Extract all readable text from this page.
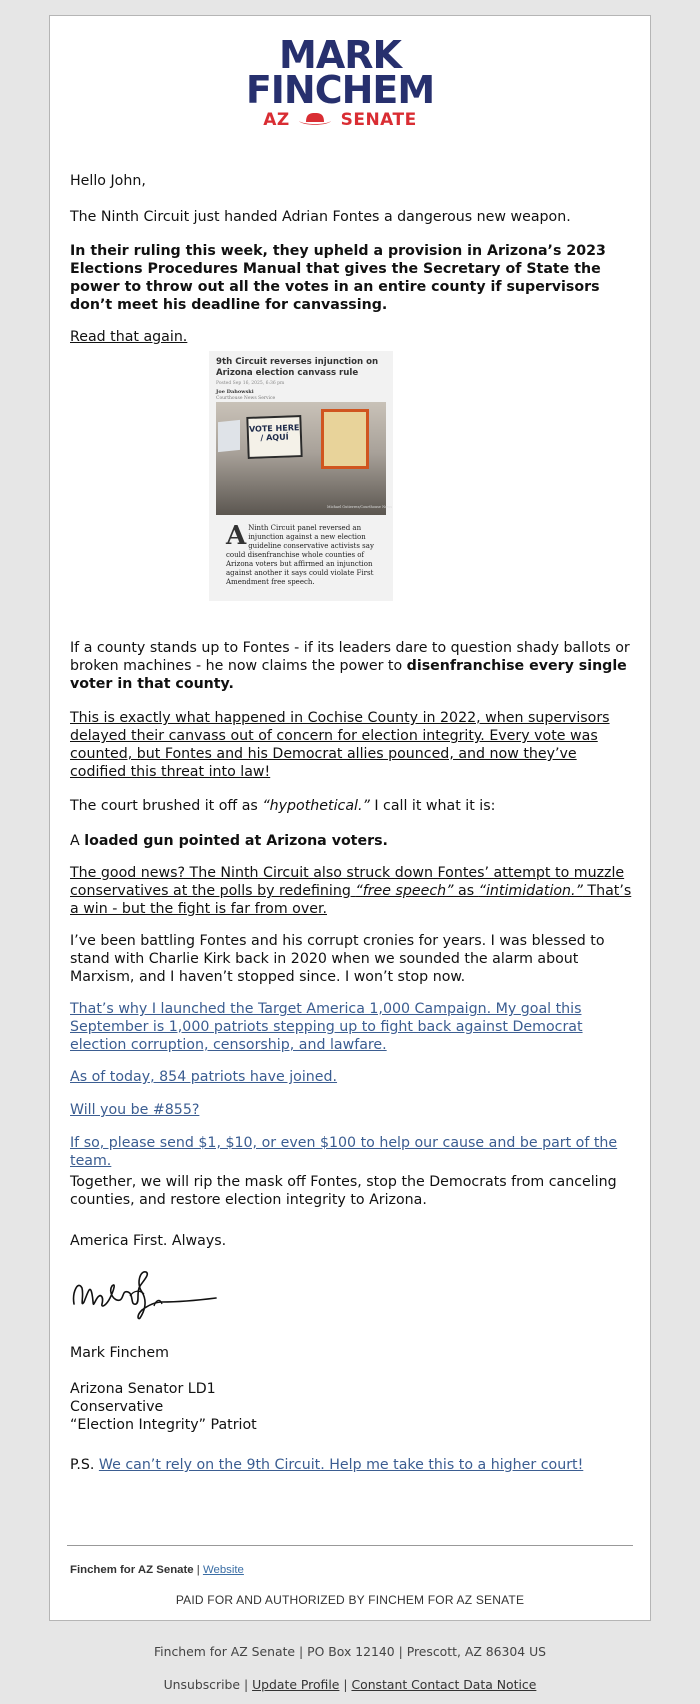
MARK
FINCHEM
AZ	SENATE

Hello John,

The Ninth Circuit just handed Adrian Fontes a dangerous new weapon.

In their ruling this week, they upheld a provision in Arizona’s 2023 Elections Procedures Manual that gives the Secretary of State the power to throw out all the votes in an entire county if supervisors don’t meet his deadline for canvassing.

Read that again.

If a county stands up to Fontes - if its leaders dare to question shady ballots or broken machines - he now claims the power to disenfranchise every single voter in that county.

This is exactly what happened in Cochise County in 2022, when supervisors delayed their canvass out of concern for election integrity. Every vote was counted, but Fontes and his Democrat allies pounced, and now they’ve codified this threat into law!

The court brushed it off as “hypothetical.” I call it what it is:

A loaded gun pointed at Arizona voters.

The good news? The Ninth Circuit also struck down Fontes’ attempt to muzzle conservatives at the polls by redefining “free speech” as “intimidation.” That’s a win - but the fight is far from over.

I’ve been battling Fontes and his corrupt cronies for years. I was blessed to stand with Charlie Kirk back in 2020 when we sounded the alarm about Marxism, and I haven’t stopped since. I won’t stop now.

That’s why I launched the Target America 1,000 Campaign. My goal this September is 1,000 patriots stepping up to fight back against Democrat election corruption, censorship, and lawfare.

As of today, 854 patriots have joined.

Will you be #855?

If so, please send $1, $10, or even $100 to help our cause and be part of the team.

Together, we will rip the mask off Fontes, stop the Democrats from canceling counties, and restore election integrity to Arizona.

America First. Always.

Mark Finchem

Arizona Senator LD1

Conservative

“Election Integrity” Patriot

P.S. We can’t rely on the 9th Circuit. Help me take this to a higher court!

9th Circuit reverses injunction on Arizona election canvass rule
Posted Sep 16, 2025, 6:36 pm
Joe Dahowski
Courthouse News Service
VOTE HERE / AQUÍ
Michael Gutierrez/Courthouse News
A Ninth Circuit panel reversed an injunction against a new election guideline conservative activists say could disenfranchise whole counties of Arizona voters but affirmed an injunction against another it says could violate First Amendment free speech.
Finchem for AZ Senate | Website
PAID FOR AND AUTHORIZED BY FINCHEM FOR AZ SENATE
Finchem for AZ Senate | PO Box 12140 | Prescott, AZ 86304 US
Unsubscribe | Update Profile | Constant Contact Data Notice
